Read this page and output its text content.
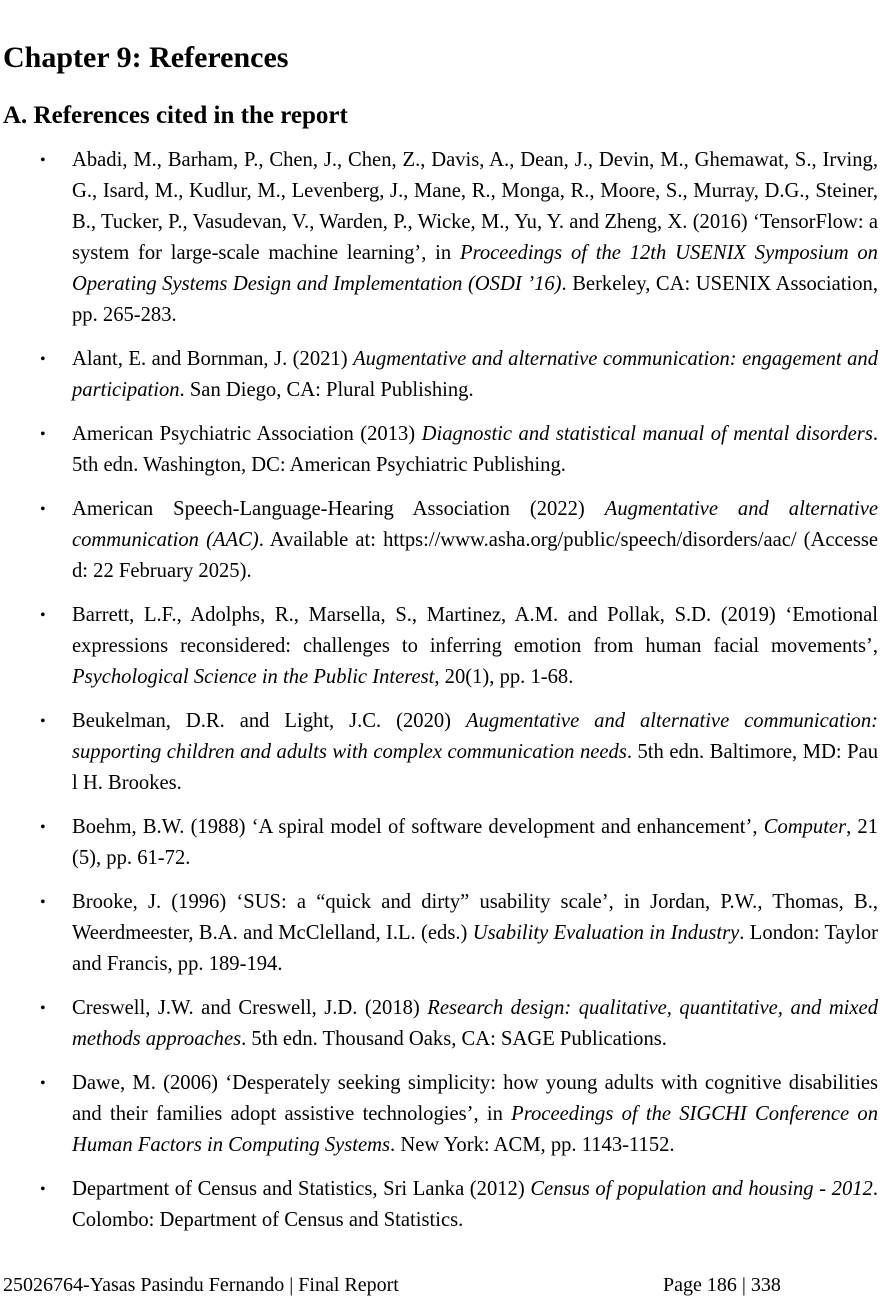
Chapter 9: References
A. References cited in the report
• Abadi, M., Barham, P., Chen, J., Chen, Z., Davis, A., Dean, J., Devin, M., Ghemawat, S., Irving, G., Isard, M., Kudlur, M., Levenberg, J., Mane, R., Monga, R., Moore, S., Murray, D.G., Steiner, B., Tucker, P., Vasudevan, V., Warden, P., Wicke, M., Yu, Y. and Zheng, X. (2016) ‘TensorFlow: a system for large-scale machine learning’, in Proceedings of the 12th USENIX Symposium on Operating Systems Design and Implementation (OSDI ’16). Berkeley, CA: USENIX Association, pp. 265-283.
• Alant, E. and Bornman, J. (2021) Augmentative and alternative communication: engagement and participation. San Diego, CA: Plural Publishing.
• American Psychiatric Association (2013) Diagnostic and statistical manual of mental disorders. 5th edn. Washington, DC: American Psychiatric Publishing.
• American Speech-Language-Hearing Association (2022) Augmentative and alternative communication (AAC). Available at: https://www.asha.org/public/speech/disorders/aac/ (Accessed: 22 February 2025).
• Barrett, L.F., Adolphs, R., Marsella, S., Martinez, A.M. and Pollak, S.D. (2019) ‘Emotional expressions reconsidered: challenges to inferring emotion from human facial movements’, Psychological Science in the Public Interest, 20(1), pp. 1-68.
• Beukelman, D.R. and Light, J.C. (2020) Augmentative and alternative communication: supporting children and adults with complex communication needs. 5th edn. Baltimore, MD: Paul H. Brookes.
• Boehm, B.W. (1988) ‘A spiral model of software development and enhancement’, Computer, 21(5), pp. 61-72.
• Brooke, J. (1996) ‘SUS: a “quick and dirty” usability scale’, in Jordan, P.W., Thomas, B., Weerdmeester, B.A. and McClelland, I.L. (eds.) Usability Evaluation in Industry. London: Taylor and Francis, pp. 189-194.
• Creswell, J.W. and Creswell, J.D. (2018) Research design: qualitative, quantitative, and mixed methods approaches. 5th edn. Thousand Oaks, CA: SAGE Publications.
• Dawe, M. (2006) ‘Desperately seeking simplicity: how young adults with cognitive disabilities and their families adopt assistive technologies’, in Proceedings of the SIGCHI Conference on Human Factors in Computing Systems. New York: ACM, pp. 1143-1152.
• Department of Census and Statistics, Sri Lanka (2012) Census of population and housing - 2012. Colombo: Department of Census and Statistics.
25026764-Yasas Pasindu Fernando | Final Report	Page 186 | 338
